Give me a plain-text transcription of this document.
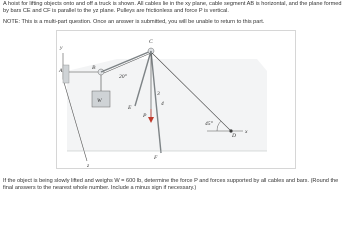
A hoist for lifting objects onto and off a truck is shown. All cables lie in the xy plane, cable segment AB is horizontal, and the plane formed by bars CE and CF is parallel to the yz plane. Pulleys are frictionless and force P is vertical.
NOTE: This is a multi-part question. Once an answer is submitted, you will be unable to return to this part.
y
z
A	B
20°
W
C
E
F
3
4
P
D
x
45°
If the object is being slowly lifted and weighs W = 600 lb, determine the force P and forces supported by all cables and bars. (Round the final answers to the nearest whole number. Include a minus sign if necessary.)
